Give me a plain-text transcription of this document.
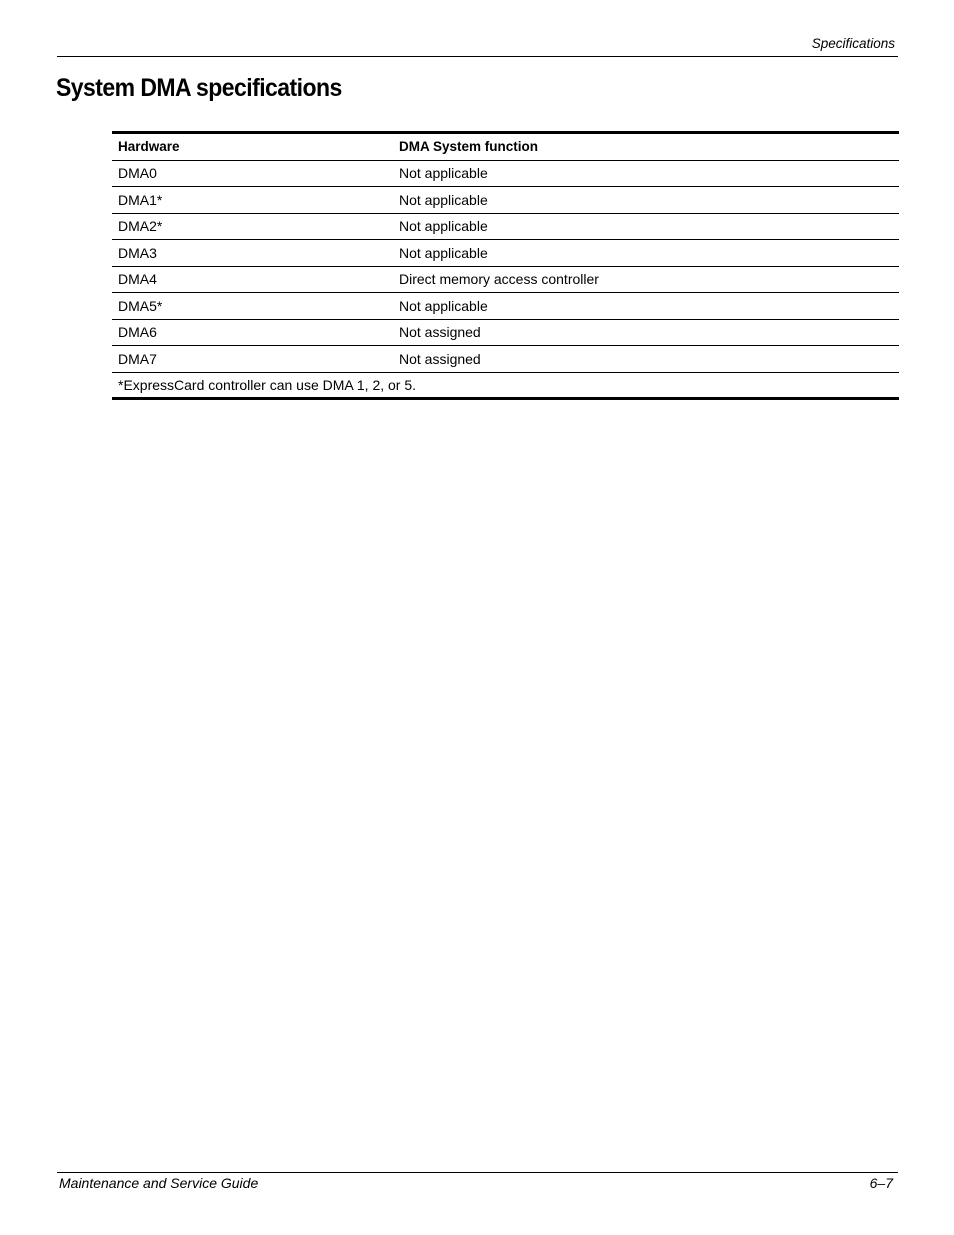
Specifications
System DMA specifications
Hardware	DMA System function
DMA0	Not applicable
DMA1*	Not applicable
DMA2*	Not applicable
DMA3	Not applicable
DMA4	Direct memory access controller
DMA5*	Not applicable
DMA6	Not assigned
DMA7	Not assigned
*ExpressCard controller can use DMA 1, 2, or 5.	
Maintenance and Service Guide	6–7
